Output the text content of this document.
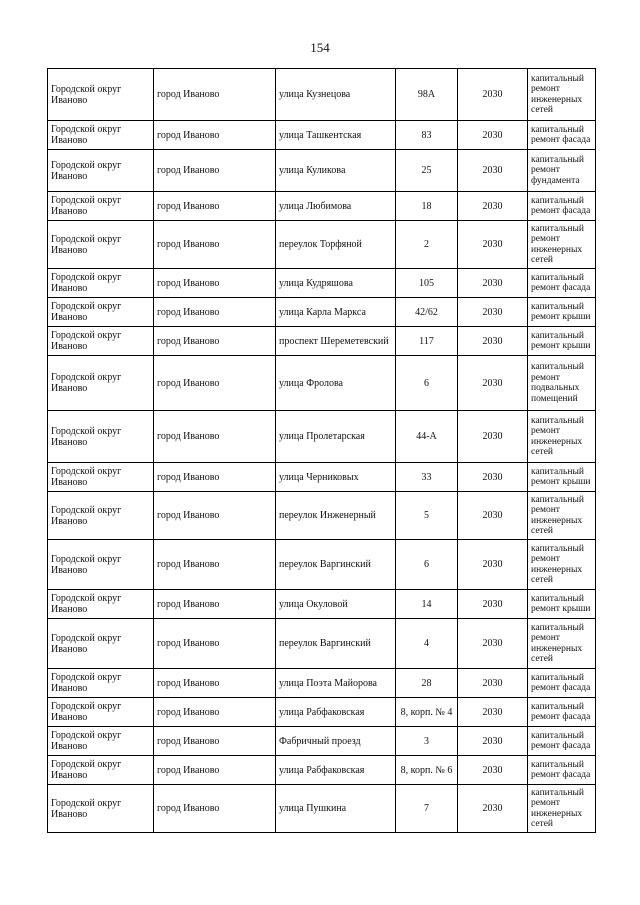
154
Городской округ Иваново	город Иваново	улица Кузнецова	98А	2030	капитальный ремонт инженерных сетей
Городской округ Иваново	город Иваново	улица Ташкентская	83	2030	капитальный ремонт фасада
Городской округ Иваново	город Иваново	улица Куликова	25	2030	капитальный ремонт фундамента
Городской округ Иваново	город Иваново	улица Любимова	18	2030	капитальный ремонт фасада
Городской округ Иваново	город Иваново	переулок Торфяной	2	2030	капитальный ремонт инженерных сетей
Городской округ Иваново	город Иваново	улица Кудряшова	105	2030	капитальный ремонт фасада
Городской округ Иваново	город Иваново	улица Карла Маркса	42/62	2030	капитальный ремонт крыши
Городской округ Иваново	город Иваново	проспект Шереметевский	117	2030	капитальный ремонт крыши
Городской округ Иваново	город Иваново	улица Фролова	6	2030	капитальный ремонт подвальных помещений
Городской округ Иваново	город Иваново	улица Пролетарская	44-А	2030	капитальный ремонт инженерных сетей
Городской округ Иваново	город Иваново	улица Черниковых	33	2030	капитальный ремонт крыши
Городской округ Иваново	город Иваново	переулок Инженерный	5	2030	капитальный ремонт инженерных сетей
Городской округ Иваново	город Иваново	переулок Варгинский	6	2030	капитальный ремонт инженерных сетей
Городской округ Иваново	город Иваново	улица Окуловой	14	2030	капитальный ремонт крыши
Городской округ Иваново	город Иваново	переулок Варгинский	4	2030	капитальный ремонт инженерных сетей
Городской округ Иваново	город Иваново	улица Поэта Майорова	28	2030	капитальный ремонт фасада
Городской округ Иваново	город Иваново	улица Рабфаковская	8, корп. № 4	2030	капитальный ремонт фасада
Городской округ Иваново	город Иваново	Фабричный проезд	3	2030	капитальный ремонт фасада
Городской округ Иваново	город Иваново	улица Рабфаковская	8, корп. № 6	2030	капитальный ремонт фасада
Городской округ Иваново	город Иваново	улица Пушкина	7	2030	капитальный ремонт инженерных сетей
